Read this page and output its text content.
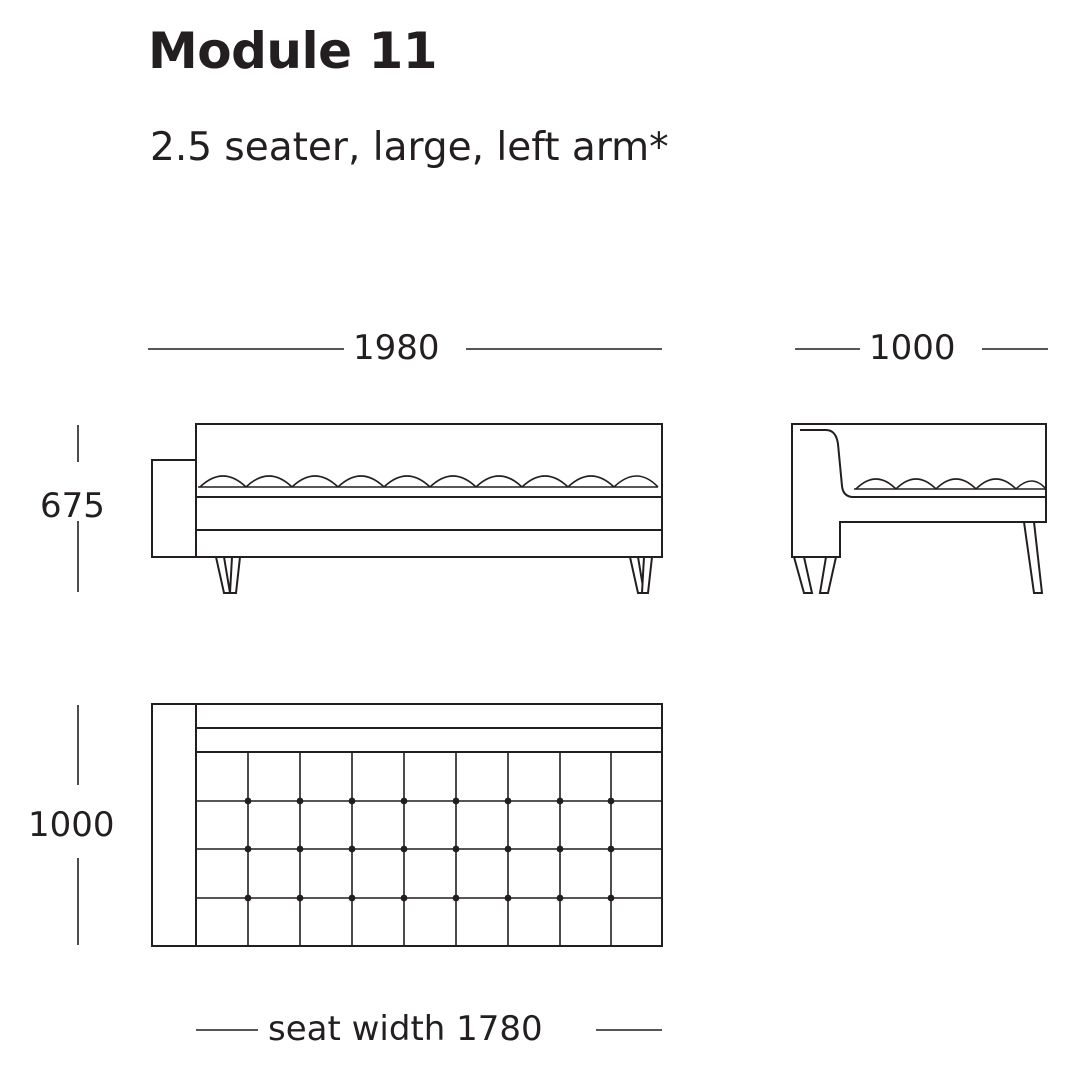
Module 11
2.5 seater, large, left arm*
1980	1000
675
1000
seat width 1780
